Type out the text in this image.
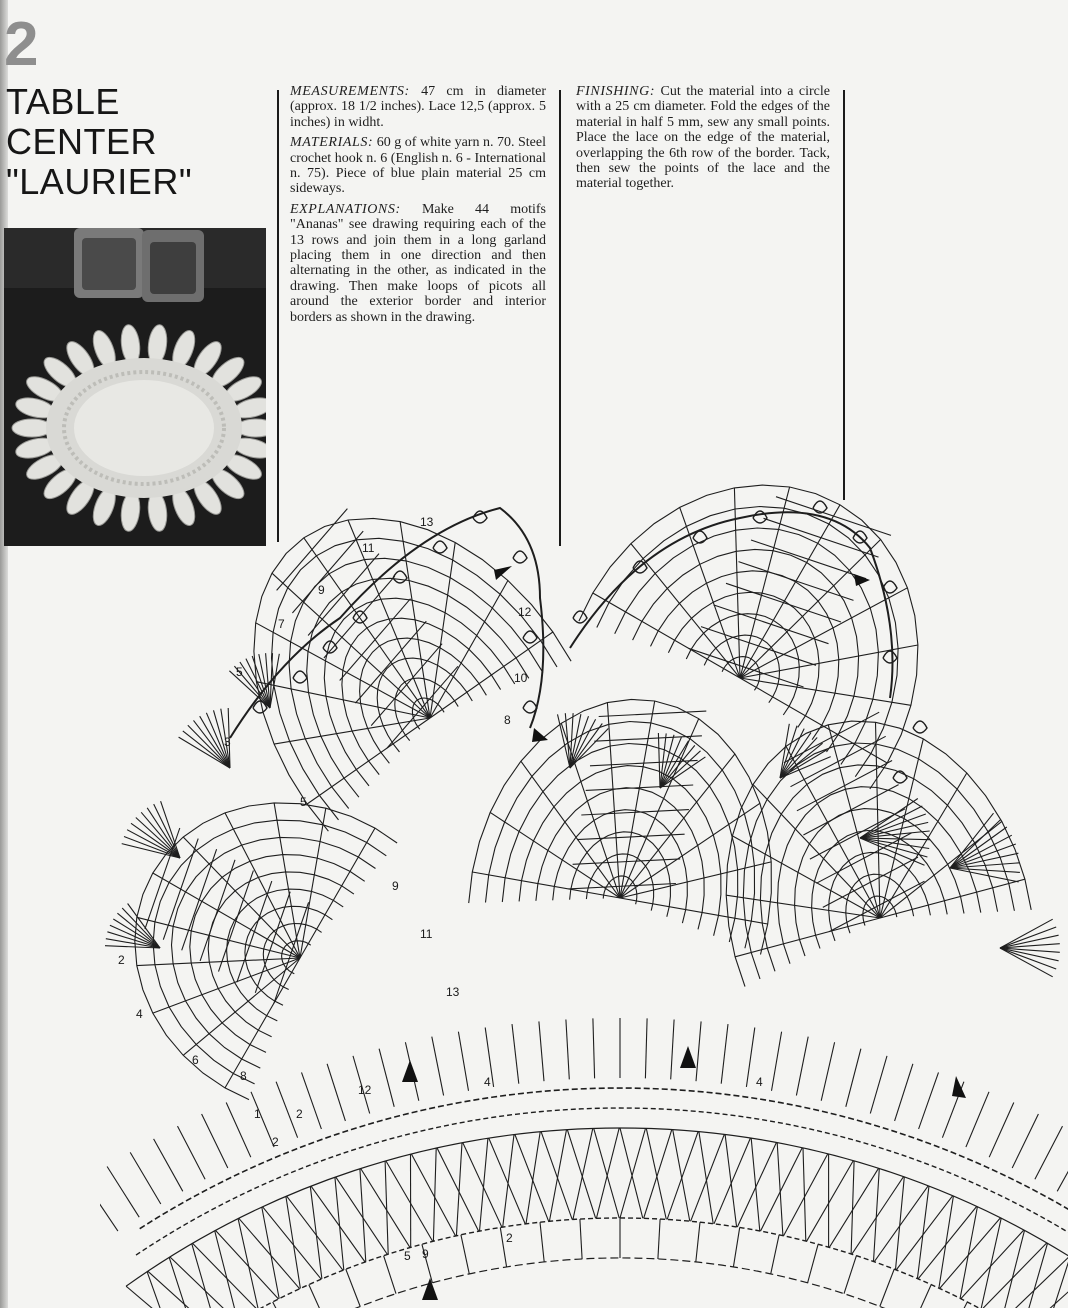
2
TABLE
CENTER
"LAURIER"

MEASUREMENTS: 47 cm in diameter (approx. 18 1/2 inches). Lace 12,5 (approx. 5 inches) in widht.

MATERIALS: 60 g of white yarn n. 70. Steel crochet hook n. 6 (English n. 6 - International n. 75). Piece of blue plain material 25 cm sideways.

EXPLANATIONS: Make 44 motifs "Ananas" see drawing requiring each of the 13 rows and join them in a long garland placing them in one direction and then alternating in the other, as indicated in the drawing. Then make loops of picots all around the exterior border and interior borders as shown in the drawing.

FINISHING: Cut the material into a circle with a 25 cm diameter. Fold the edges of the material in half 5 mm, sew any small points. Place the lace on the edge of the material, overlapping the 6th row of the border. Tack, then sew the points of the lace and the material together.

13
11
12
9
7
10
5
8
3
5
9
11
13
2
4
6
8
1	2
12
4	4
2
5 9
2
